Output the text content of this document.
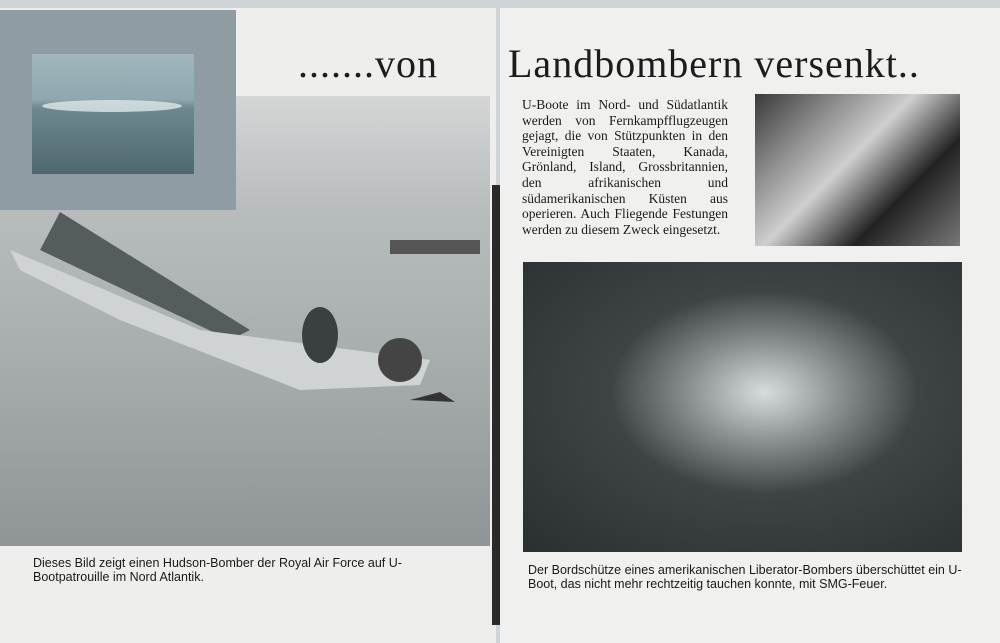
.......von Landbombern versenkt..
U-Boote im Nord- und Südatlantik werden von Fernkampfflugzeugen gejagt, die von Stützpunkten in den Vereinigten Staaten, Kanada, Grönland, Island, Grossbritannien, den afrikanischen und südamerikanischen Küsten aus operieren. Auch Fliegende Festungen werden zu diesem Zweck eingesetzt.
Dieses Bild zeigt einen Hudson-Bomber der Royal Air Force auf U-Bootpatrouille im Nord Atlantik.	Der Bordschütze eines amerikanischen Liberator-Bombers überschüttet ein U-Boot, das nicht mehr rechtzeitig tauchen konnte, mit SMG-Feuer.
